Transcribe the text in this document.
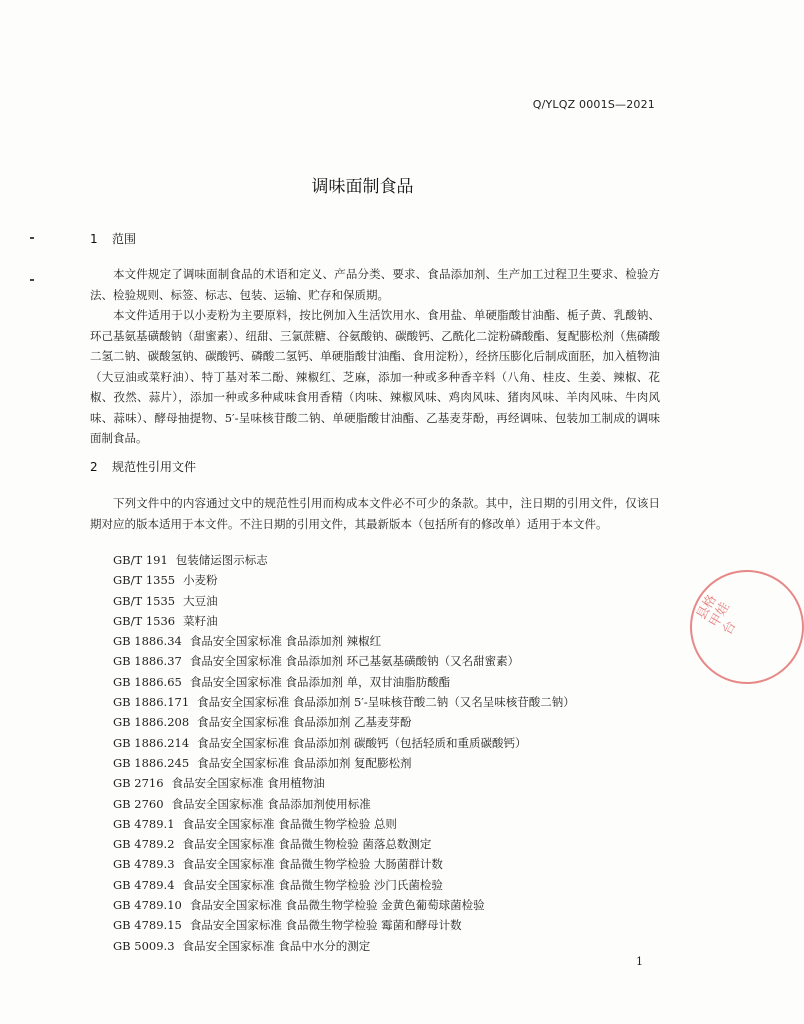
Q/YLQZ 0001S—2021
调味面制食品
1 范围

本文件规定了调味面制食品的术语和定义、产品分类、要求、食品添加剂、生产加工过程卫生要求、检验方法、检验规则、标签、标志、包装、运输、贮存和保质期。

本文件适用于以小麦粉为主要原料，按比例加入生活饮用水、食用盐、单硬脂酸甘油酯、栀子黄、乳酸钠、环己基氨基磺酸钠（甜蜜素）、纽甜、三氯蔗糖、谷氨酸钠、碳酸钙、乙酰化二淀粉磷酸酯、复配膨松剂（焦磷酸二氢二钠、碳酸氢钠、碳酸钙、磷酸二氢钙、单硬脂酸甘油酯、食用淀粉），经挤压膨化后制成面胚，加入植物油（大豆油或菜籽油）、特丁基对苯二酚、辣椒红、芝麻，添加一种或多种香辛料（八角、桂皮、生姜、辣椒、花椒、孜然、蒜片），添加一种或多种咸味食用香精（肉味、辣椒风味、鸡肉风味、猪肉风味、羊肉风味、牛肉风味、蒜味）、酵母抽提物、5′-呈味核苷酸二钠、单硬脂酸甘油酯、乙基麦芽酚，再经调味、包装加工制成的调味面制食品。

2 规范性引用文件

下列文件中的内容通过文中的规范性引用而构成本文件必不可少的条款。其中，注日期的引用文件，仅该日期对应的版本适用于本文件。不注日期的引用文件，其最新版本（包括所有的修改单）适用于本文件。

GB/T 191 包装储运图示标志
GB/T 1355 小麦粉
GB/T 1535 大豆油
GB/T 1536 菜籽油
GB 1886.34 食品安全国家标准 食品添加剂 辣椒红
GB 1886.37 食品安全国家标准 食品添加剂 环己基氨基磺酸钠（又名甜蜜素）
GB 1886.65 食品安全国家标准 食品添加剂 单，双甘油脂肪酸酯
GB 1886.171 食品安全国家标准 食品添加剂 5′-呈味核苷酸二钠（又名呈味核苷酸二钠）
GB 1886.208 食品安全国家标准 食品添加剂 乙基麦芽酚
GB 1886.214 食品安全国家标准 食品添加剂 碳酸钙（包括轻质和重质碳酸钙）
GB 1886.245 食品安全国家标准 食品添加剂 复配膨松剂
GB 2716 食品安全国家标准 食用植物油
GB 2760 食品安全国家标准 食品添加剂使用标准
GB 4789.1 食品安全国家标准 食品微生物学检验 总则
GB 4789.2 食品安全国家标准 食品微生物检验 菌落总数测定
GB 4789.3 食品安全国家标准 食品微生物学检验 大肠菌群计数
GB 4789.4 食品安全国家标准 食品微生物学检验 沙门氏菌检验
GB 4789.10 食品安全国家标准 食品微生物学检验 金黄色葡萄球菌检验
GB 4789.15 食品安全国家标准 食品微生物学检验 霉菌和酵母计数
GB 5009.3 食品安全国家标准 食品中水分的测定
1
县格甲娃台
